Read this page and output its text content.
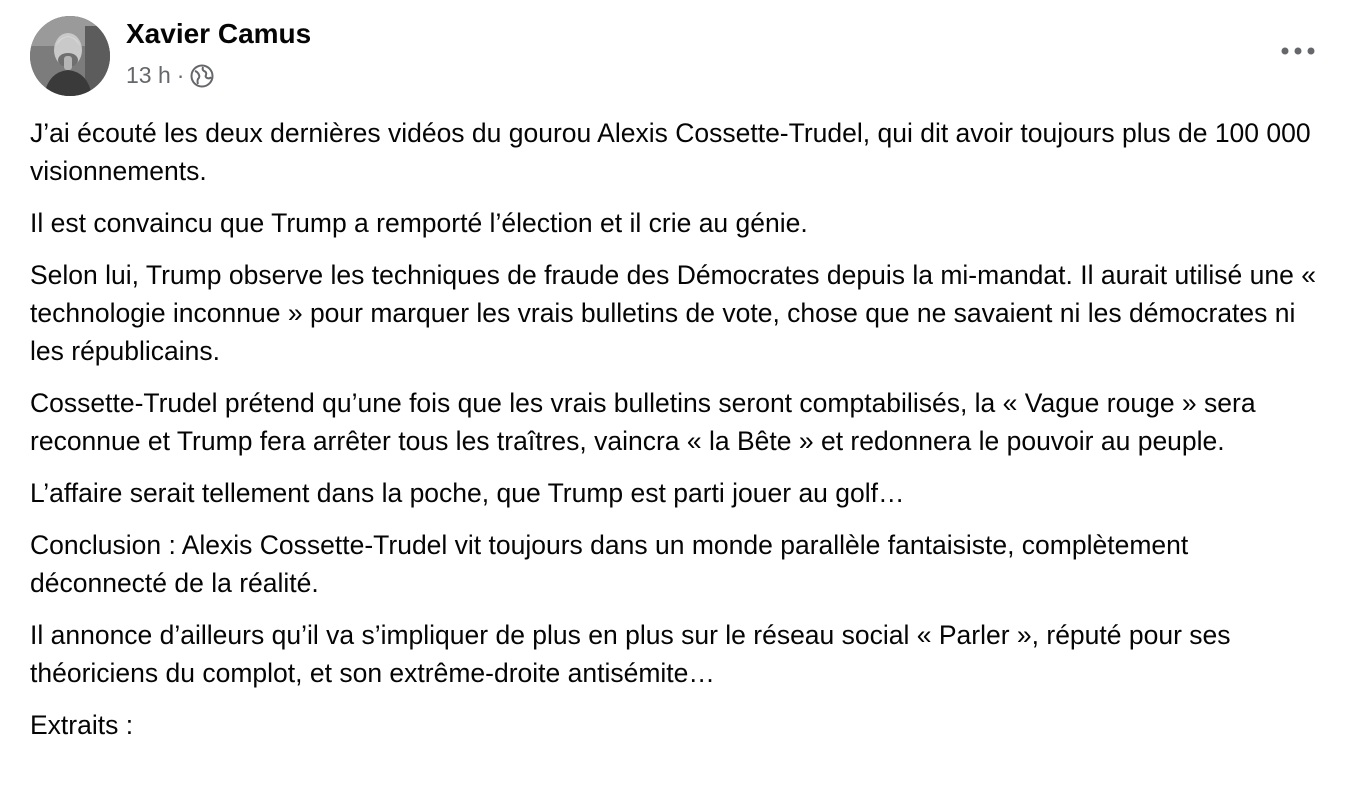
Xavier Camus
13 h ·

J’ai écouté les deux dernières vidéos du gourou Alexis Cossette-Trudel, qui dit avoir toujours plus de 100 000 visionnements.

Il est convaincu que Trump a remporté l’élection et il crie au génie.

Selon lui, Trump observe les techniques de fraude des Démocrates depuis la mi-mandat. Il aurait utilisé une « technologie inconnue » pour marquer les vrais bulletins de vote, chose que ne savaient ni les démocrates ni les républicains.

Cossette-Trudel prétend qu’une fois que les vrais bulletins seront comptabilisés, la « Vague rouge » sera reconnue et Trump fera arrêter tous les traîtres, vaincra « la Bête » et redonnera le pouvoir au peuple.

L’affaire serait tellement dans la poche, que Trump est parti jouer au golf…

Conclusion : Alexis Cossette-Trudel vit toujours dans un monde parallèle fantaisiste, complètement déconnecté de la réalité.

Il annonce d’ailleurs qu’il va s’impliquer de plus en plus sur le réseau social « Parler », réputé pour ses théoriciens du complot, et son extrême-droite antisémite…

Extraits :
